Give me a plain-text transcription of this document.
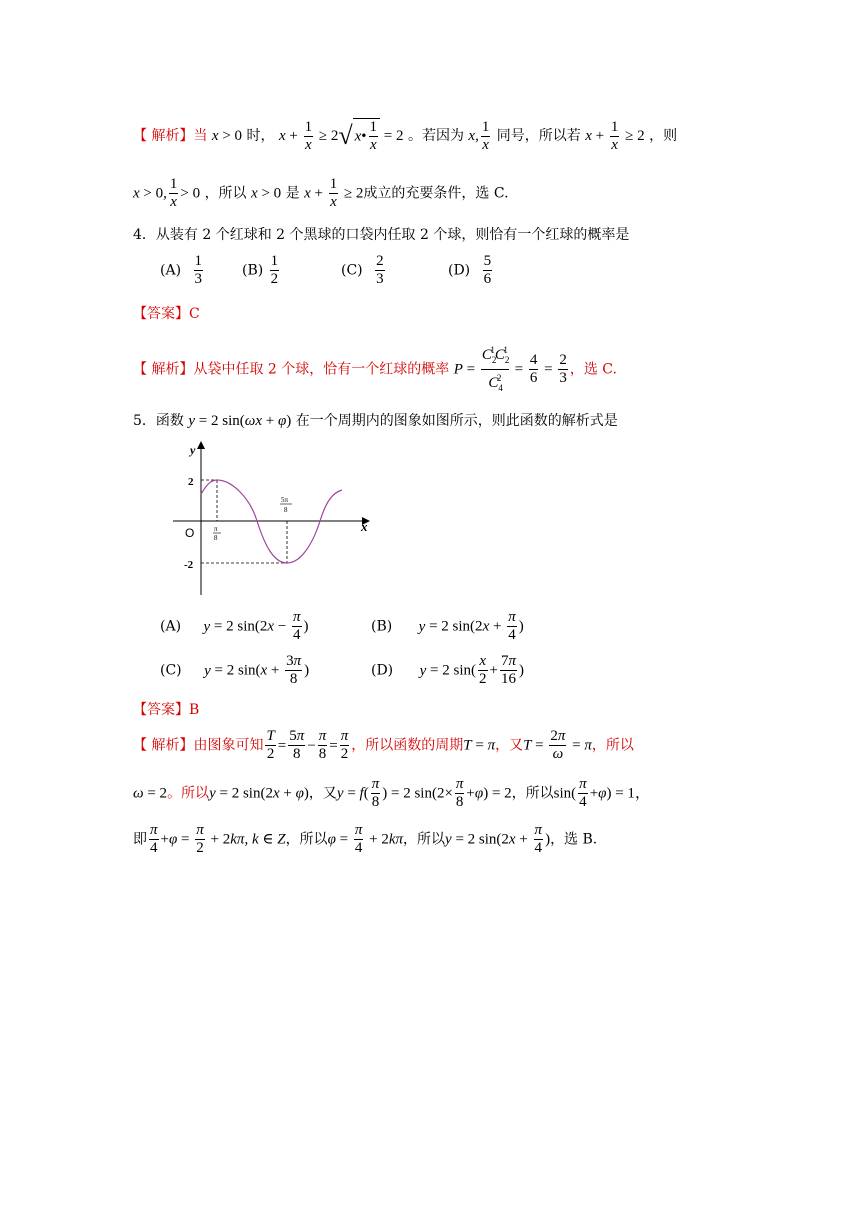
【 解析】当 x > 0 时， $x + \frac{1}{x} \ge 2√$ x• $\frac{1}{x} = 2$ 。若因为 x, $\frac{1}{x}$ 同号，所以若 $x + \frac{1}{x} \ge 2$ ，则
x > 0, $\frac{1}{x} > 0$ ，所以 x > 0 是 $x + \frac{1}{x} \ge 2$成立的充要条件，选 C.
4．从装有 2 个红球和 2 个黑球的口袋内任取 2 个球，则恰有一个红球的概率是
$(A) \frac{1}{3}$	$(B) \frac{1}{2}$	$(C) \frac{2}{3}$	$(D) \frac{5}{6}$
【答案】C
【 解析】从袋中任取 2 个球，恰有一个红球的概率 $P = \frac{C_2^1C_2^1}{C_4^2} = \frac{4}{6} = \frac{2}{3}$ ，选 C.
5．函数 y = 2 sin(ωx + φ) 在一个周期内的图象如图所示，则此函数的解析式是
y
x
O
2
-2
π
8
5π
8
(A) y = 2 $\sin(2x - \frac{\pi}{4}$ )	(B) y = 2 $\sin(2x + \frac{\pi}{4}$ )
(C) y = 2 $\sin(x + \frac{3\pi}{8}$ )	(D) y = 2 $\sin( \frac{x}{2} + \frac{7\pi}{16}$ )
【答案】B
【 解析】由图象可知 $\frac{T}{2} = \frac{5\pi}{8} - \frac{\pi}{8} = \frac{\pi}{2}$ ，所以函数的周期T = π，又$T = \frac{2\pi}{\omega} = \pi$，所以
ω = 2。所以y = 2 sin(2x + φ)，又$y = f( \frac{\pi}{8}$ ) = 2 $\sin(2\times \frac{\pi}{8} +\varphi) = 2$，所以$\sin( \frac{\pi}{4} +\varphi) = 1$，
即 $\frac{\pi}{4} +\varphi = \frac{\pi}{2} + 2k\pi$, k ∈ Z，所以$\varphi = \frac{\pi}{4} + 2k\pi$，所以y = 2 $\sin(2x + \frac{\pi}{4}$ )，选 B.
